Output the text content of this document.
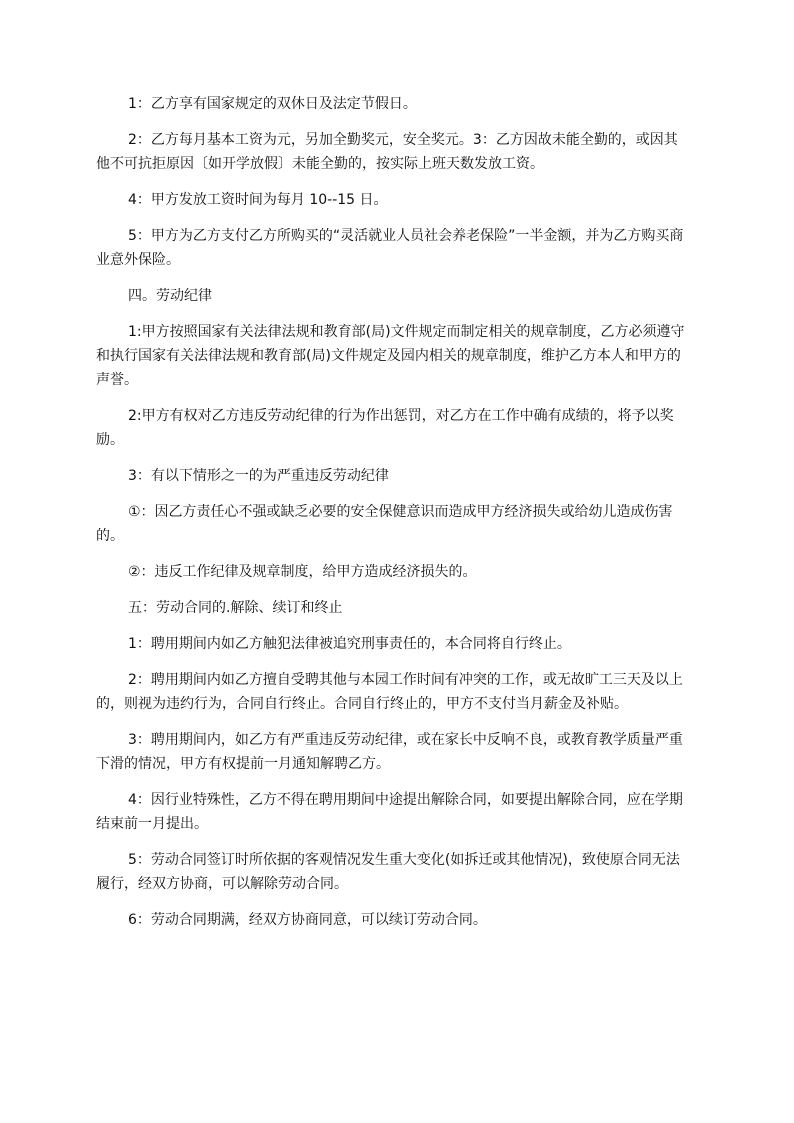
1：乙方享有国家规定的双休日及法定节假日。

2：乙方每月基本工资为元，另加全勤奖元，安全奖元。3：乙方因故未能全勤的，或因其他不可抗拒原因〔如开学放假〕未能全勤的，按实际上班天数发放工资。

4：甲方发放工资时间为每月 10--15 日。

5：甲方为乙方支付乙方所购买的“灵活就业人员社会养老保险”一半金额，并为乙方购买商业意外保险。

四。劳动纪律

1:甲方按照国家有关法律法规和教育部(局)文件规定而制定相关的规章制度，乙方必须遵守和执行国家有关法律法规和教育部(局)文件规定及园内相关的规章制度，维护乙方本人和甲方的声誉。

2:甲方有权对乙方违反劳动纪律的行为作出惩罚，对乙方在工作中确有成绩的，将予以奖励。

3：有以下情形之一的为严重违反劳动纪律

①：因乙方责任心不强或缺乏必要的安全保健意识而造成甲方经济损失或给幼儿造成伤害的。

②：违反工作纪律及规章制度，给甲方造成经济损失的。

五：劳动合同的.解除、续订和终止

1：聘用期间内如乙方触犯法律被追究刑事责任的，本合同将自行终止。

2：聘用期间内如乙方擅自受聘其他与本园工作时间有冲突的工作，或无故旷工三天及以上的，则视为违约行为，合同自行终止。合同自行终止的，甲方不支付当月薪金及补贴。

3：聘用期间内，如乙方有严重违反劳动纪律，或在家长中反响不良，或教育教学质量严重下滑的情况，甲方有权提前一月通知解聘乙方。

4：因行业特殊性，乙方不得在聘用期间中途提出解除合同，如要提出解除合同，应在学期结束前一月提出。

5：劳动合同签订时所依据的客观情况发生重大变化(如拆迁或其他情况)，致使原合同无法履行，经双方协商，可以解除劳动合同。

6：劳动合同期满，经双方协商同意，可以续订劳动合同。
